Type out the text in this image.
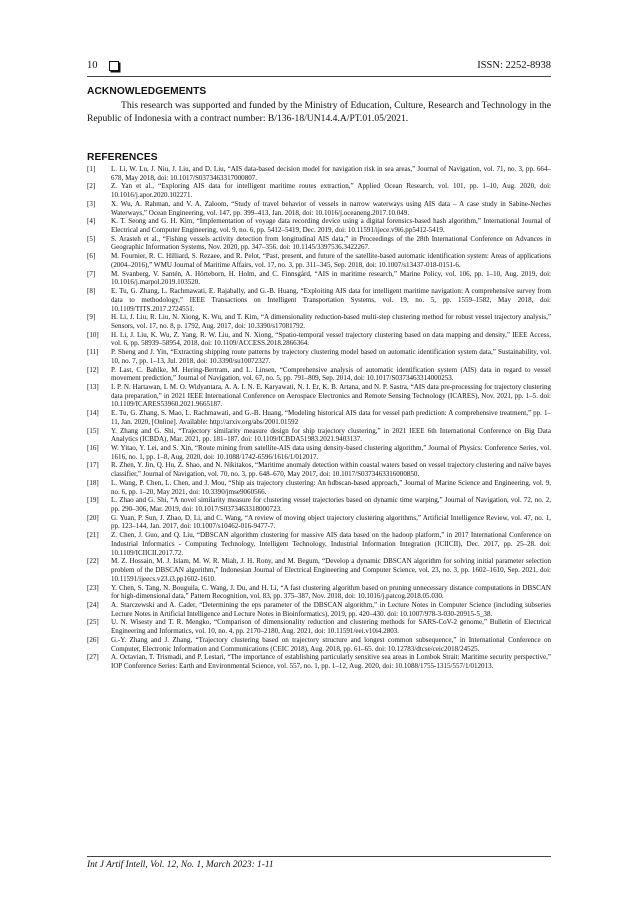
10	ISSN: 2252-8938
ACKNOWLEDGEMENTS
This research was supported and funded by the Ministry of Education, Culture, Research and Technology in the Republic of Indonesia with a contract number: B/136-18/UN14.4.A/PT.01.05/2021.
REFERENCES
[1]	L. Li, W. Lu, J. Niu, J. Liu, and D. Liu, “AIS data-based decision model for navigation risk in sea areas,” Journal of Navigation, vol. 71, no. 3, pp. 664–678, May 2018, doi: 10.1017/S0373463317000807.
[2]	Z. Yan et al., “Exploring AIS data for intelligent maritime routes extraction,” Applied Ocean Research, vol. 101, pp. 1–10, Aug. 2020, doi: 10.1016/j.apor.2020.102271.
[3]	X. Wu, A. Rahman, and V. A. Zaloom, “Study of travel behavior of vessels in narrow waterways using AIS data – A case study in Sabine-Neches Waterways,” Ocean Engineering, vol. 147, pp. 399–413, Jan. 2018, doi: 10.1016/j.oceaneng.2017.10.049.
[4]	K. T. Seong and G. H. Kim, “Implementation of voyage data recording device using a digital forensics-based hash algorithm,” International Journal of Electrical and Computer Engineering, vol. 9, no. 6, pp. 5412–5419, Dec. 2019, doi: 10.11591/ijece.v9i6.pp5412-5419.
[5]	S. Arasteh et al., “Fishing vessels activity detection from longitudinal AIS data,” in Proceedings of the 28th International Conference on Advances in Geographic Information Systems, Nov. 2020, pp. 347–356. doi: 10.1145/3397536.3422267.
[6]	M. Fournier, R. C. Hilliard, S. Rezaee, and R. Pelot, “Past, present, and future of the satellite-based automatic identification system: Areas of applications (2004–2016),” WMU Journal of Maritime Affairs, vol. 17, no. 3, pp. 311–345, Sep. 2018, doi: 10.1007/s13437-018-0151-6.
[7]	M. Svanberg, V. Santén, A. Hörteborn, H. Holm, and C. Finnsgård, “AIS in maritime research,” Marine Policy, vol. 106, pp. 1–10, Aug. 2019, doi: 10.1016/j.marpol.2019.103520.
[8]	E. Tu, G. Zhang, L. Rachmawati, E. Rajabally, and G.-B. Huang, “Exploiting AIS data for intelligent maritime navigation: A comprehensive survey from data to methodology,” IEEE Transactions on Intelligent Transportation Systems, vol. 19, no. 5, pp. 1559–1582, May 2018, doi: 10.1109/TITS.2017.2724551.
[9]	H. Li, J. Liu, R. Liu, N. Xiong, K. Wu, and T. Kim, “A dimensionality reduction-based multi-step clustering method for robust vessel trajectory analysis,” Sensors, vol. 17, no. 8, p. 1792, Aug. 2017, doi: 10.3390/s17081792.
[10]	H. Li, J. Liu, K. Wu, Z. Yang, R. W. Liu, and N. Xiong, “Spatio-temporal vessel trajectory clustering based on data mapping and density,” IEEE Access, vol. 6, pp. 58939–58954, 2018, doi: 10.1109/ACCESS.2018.2866364.
[11]	P. Sheng and J. Yin, “Extracting shipping route patterns by trajectory clustering model based on automatic identification system data,” Sustainability, vol. 10, no. 7, pp. 1–13, Jul. 2018, doi: 10.3390/su10072327.
[12]	P. Last, C. Bahlke, M. Hering-Bertram, and L. Linsen, “Comprehensive analysis of automatic identification system (AIS) data in regard to vessel movement prediction,” Journal of Navigation, vol. 67, no. 5, pp. 791–809, Sep. 2014, doi: 10.1017/S0373463314000253.
[13]	I. P. N. Hartawan, I. M. O. Widyantara, A. A. I. N. E. Karyawati, N. I. Er, K. B. Artana, and N. P. Sastra, “AIS data pre-processing for trajectory clustering data preparation,” in 2021 IEEE International Conference on Aerospace Electronics and Remote Sensing Technology (ICARES), Nov. 2021, pp. 1–5. doi: 10.1109/ICARES53960.2021.9665187.
[14]	E. Tu, G. Zhang, S. Mao, L. Rachmawati, and G.-B. Huang, “Modeling historical AIS data for vessel path prediction: A comprehensive treatment,” pp. 1–11, Jan. 2020, [Online]. Available: http://arxiv.org/abs/2001.01592
[15]	Y. Zhang and G. Shi, “Trajectory similarity measure design for ship trajectory clustering,” in 2021 IEEE 6th International Conference on Big Data Analytics (ICBDA), Mar. 2021, pp. 181–187. doi: 10.1109/ICBDA51983.2021.9403137.
[16]	W. Yitao, Y. Lei, and S. Xin, “Route mining from satellite-AIS data using density-based clustering algorithm,” Journal of Physics: Conference Series, vol. 1616, no. 1, pp. 1–8, Aug. 2020, doi: 10.1088/1742-6596/1616/1/012017.
[17]	R. Zhen, Y. Jin, Q. Hu, Z. Shao, and N. Nikitakos, “Maritime anomaly detection within coastal waters based on vessel trajectory clustering and naïve bayes classifier,” Journal of Navigation, vol. 70, no. 3, pp. 648–670, May 2017, doi: 10.1017/S0373463316000850.
[18]	L. Wang, P. Chen, L. Chen, and J. Mou, “Ship ais trajectory clustering: An hdbscan-based approach,” Journal of Marine Science and Engineering, vol. 9, no. 6, pp. 1–20, May 2021, doi: 10.3390/jmse9060566.
[19]	L. Zhao and G. Shi, “A novel similarity measure for clustering vessel trajectories based on dynamic time warping,” Journal of Navigation, vol. 72, no. 2, pp. 290–306, Mar. 2019, doi: 10.1017/S0373463318000723.
[20]	G. Yuan, P. Sun, J. Zhao, D. Li, and C. Wang, “A review of moving object trajectory clustering algorithms,” Artificial Intelligence Review, vol. 47, no. 1, pp. 123–144, Jan. 2017, doi: 10.1007/s10462-016-9477-7.
[21]	Z. Chen, J. Guo, and Q. Liu, “DBSCAN algorithm clustering for massive AIS data based on the hadoop platform,” in 2017 International Conference on Industrial Informatics - Computing Technology, Intelligent Technology, Industrial Information Integration (ICIICII), Dec. 2017, pp. 25–28. doi: 10.1109/ICIICII.2017.72.
[22]	M. Z. Hossain, M. J. Islam, M. W. R. Miah, J. H. Rony, and M. Begum, “Develop a dynamic DBSCAN algorithm for solving initial parameter selection problem of the DBSCAN algorithm,” Indonesian Journal of Electrical Engineering and Computer Science, vol. 23, no. 3, pp. 1602–1610, Sep. 2021, doi: 10.11591/ijeecs.v23.i3.pp1602-1610.
[23]	Y. Chen, S. Tang, N. Bouguila, C. Wang, J. Du, and H. Li, “A fast clustering algorithm based on pruning unnecessary distance computations in DBSCAN for high-dimensional data,” Pattern Recognition, vol. 83, pp. 375–387, Nov. 2018, doi: 10.1016/j.patcog.2018.05.030.
[24]	A. Starczewski and A. Cader, “Determining the eps parameter of the DBSCAN algorithm,” in Lecture Notes in Computer Science (including subseries Lecture Notes in Artificial Intelligence and Lecture Notes in Bioinformatics), 2019, pp. 420–430. doi: 10.1007/978-3-030-20915-5_38.
[25]	U. N. Wisesty and T. R. Mengko, “Comparison of dimensionality reduction and clustering methods for SARS-CoV-2 genome,” Bulletin of Electrical Engineering and Informatics, vol. 10, no. 4, pp. 2170–2180, Aug. 2021, doi: 10.11591/eei.v10i4.2803.
[26]	G.-Y. Zhang and J. Zhang, “Trajectory clustering based on trajectory structure and longest common subsequence,” in International Conference on Computer, Electronic Information and Communications (CEIC 2018), Aug. 2018, pp. 61–65. doi: 10.12783/dtcse/ceic2018/24525.
[27]	A. Octavian, T. Trismadi, and P. Lestari, “The importance of establishing particularly sensitive sea areas in Lombok Strait: Maritime security perspective,” IOP Conference Series: Earth and Environmental Science, vol. 557, no. 1, pp. 1–12, Aug. 2020, doi: 10.1088/1755-1315/557/1/012013.
Int J Artif Intell, Vol. 12, No. 1, March 2023: 1-11
